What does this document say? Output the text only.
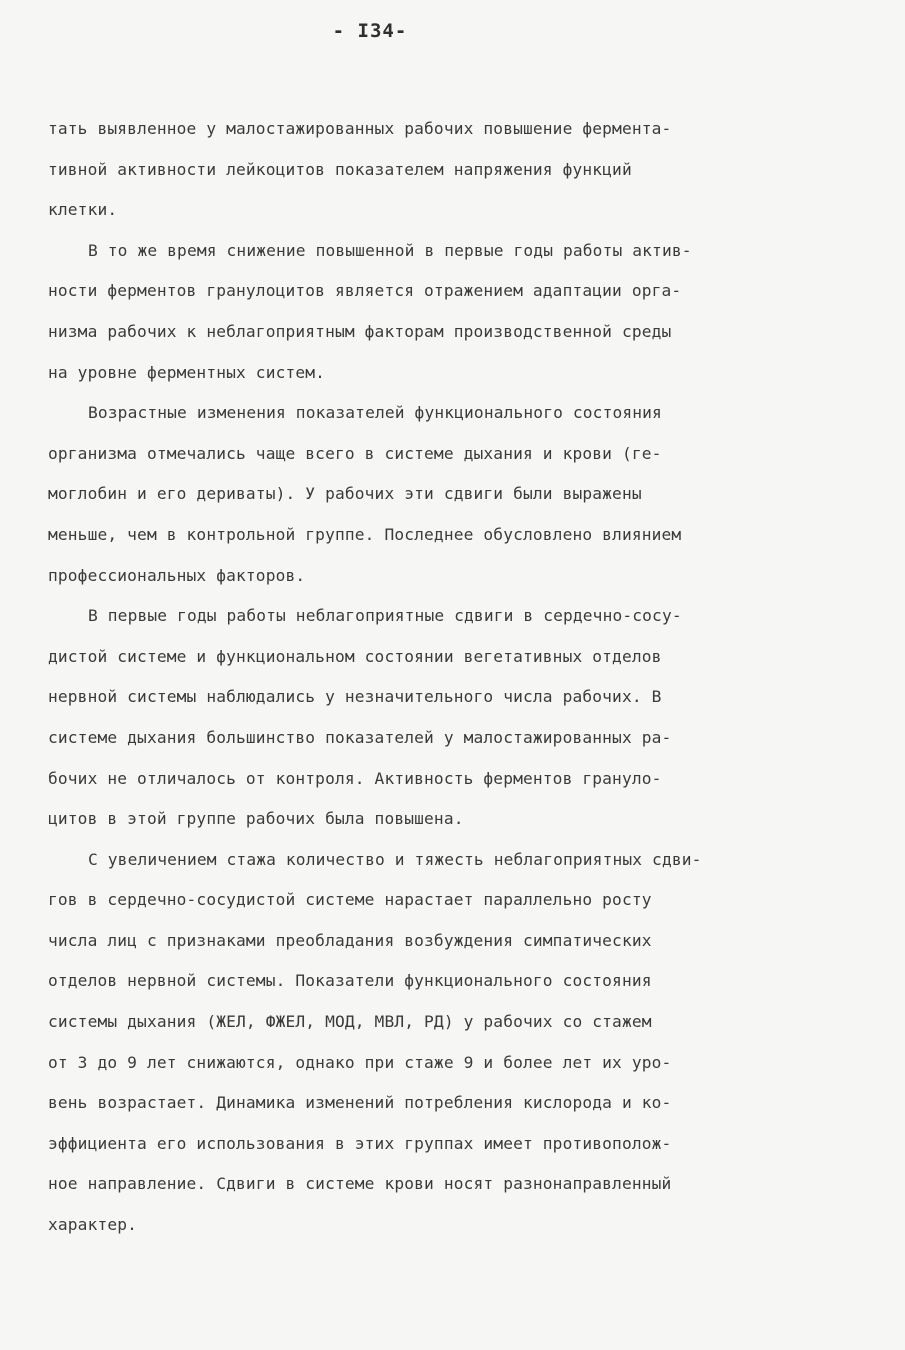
- I34-
тать выявленное у малостажированных рабочих повышение фермента-
тивной активности лейкоцитов показателем напряжения функций
клетки.
В то же время снижение повышенной в первые годы работы актив-
ности ферментов гранулоцитов является отражением адаптации орга-
низма рабочих к неблагоприятным факторам производственной среды
на уровне ферментных систем.
Возрастные изменения показателей функционального состояния
организма отмечались чаще всего в системе дыхания и крови (ге-
моглобин и его дериваты). У рабочих эти сдвиги были выражены
меньше, чем в контрольной группе. Последнее обусловлено влиянием
профессиональных факторов.
В первые годы работы неблагоприятные сдвиги в сердечно-сосу-
дистой системе и функциональном состоянии вегетативных отделов
нервной системы наблюдались у незначительного числа рабочих. В
системе дыхания большинство показателей у малостажированных ра-
бочих не отличалось от контроля. Активность ферментов грануло-
цитов в этой группе рабочих была повышена.
С увеличением стажа количество и тяжесть неблагоприятных сдви-
гов в сердечно-сосудистой системе нарастает параллельно росту
числа лиц с признаками преобладания возбуждения симпатических
отделов нервной системы. Показатели функционального состояния
системы дыхания (ЖЕЛ, ФЖЕЛ, МОД, МВЛ, РД) у рабочих со стажем
от 3 до 9 лет снижаются, однако при стаже 9 и более лет их уро-
вень возрастает. Динамика изменений потребления кислорода и ко-
эффициента его использования в этих группах имеет противополож-
ное направление. Сдвиги в системе крови носят разнонаправленный
характер.
